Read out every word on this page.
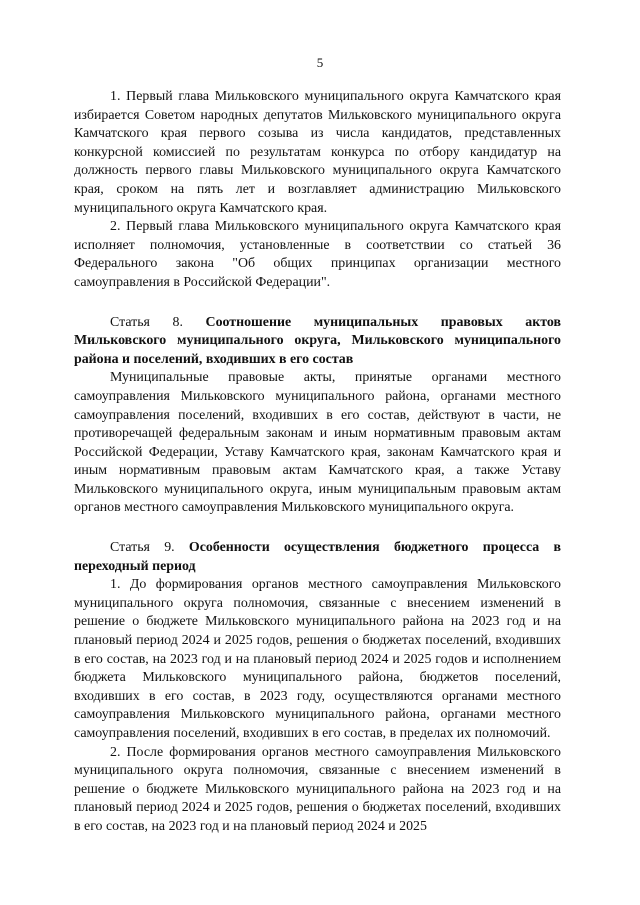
5

1. Первый глава Мильковского муниципального округа Камчатского края избирается Советом народных депутатов Мильковского муниципального округа Камчатского края первого созыва из числа кандидатов, представленных конкурсной комиссией по результатам конкурса по отбору кандидатур на должность первого главы Мильковского муниципального округа Камчатского края, сроком на пять лет и возглавляет администрацию Мильковского муниципального округа Камчатского края.

2. Первый глава Мильковского муниципального округа Камчатского края исполняет полномочия, установленные в соответствии со статьей 36 Федерального закона "Об общих принципах организации местного самоуправления в Российской Федерации".

Статья 8. Соотношение муниципальных правовых актов Мильковского муниципального округа, Мильковского муниципального района и поселений, входивших в его состав

Муниципальные правовые акты, принятые органами местного самоуправления Мильковского муниципального района, органами местного самоуправления поселений, входивших в его состав, действуют в части, не противоречащей федеральным законам и иным нормативным правовым актам Российской Федерации, Уставу Камчатского края, законам Камчатского края и иным нормативным правовым актам Камчатского края, а также Уставу Мильковского муниципального округа, иным муниципальным правовым актам органов местного самоуправления Мильковского муниципального округа.

Статья 9. Особенности осуществления бюджетного процесса в переходный период

1. До формирования органов местного самоуправления Мильковского муниципального округа полномочия, связанные с внесением изменений в решение о бюджете Мильковского муниципального района на 2023 год и на плановый период 2024 и 2025 годов, решения о бюджетах поселений, входивших в его состав, на 2023 год и на плановый период 2024 и 2025 годов и исполнением бюджета Мильковского муниципального района, бюджетов поселений, входивших в его состав, в 2023 году, осуществляются органами местного самоуправления Мильковского муниципального района, органами местного самоуправления поселений, входивших в его состав, в пределах их полномочий.

2. После формирования органов местного самоуправления Мильковского муниципального округа полномочия, связанные с внесением изменений в решение о бюджете Мильковского муниципального района на 2023 год и на плановый период 2024 и 2025 годов, решения о бюджетах поселений, входивших в его состав, на 2023 год и на плановый период 2024 и 2025
